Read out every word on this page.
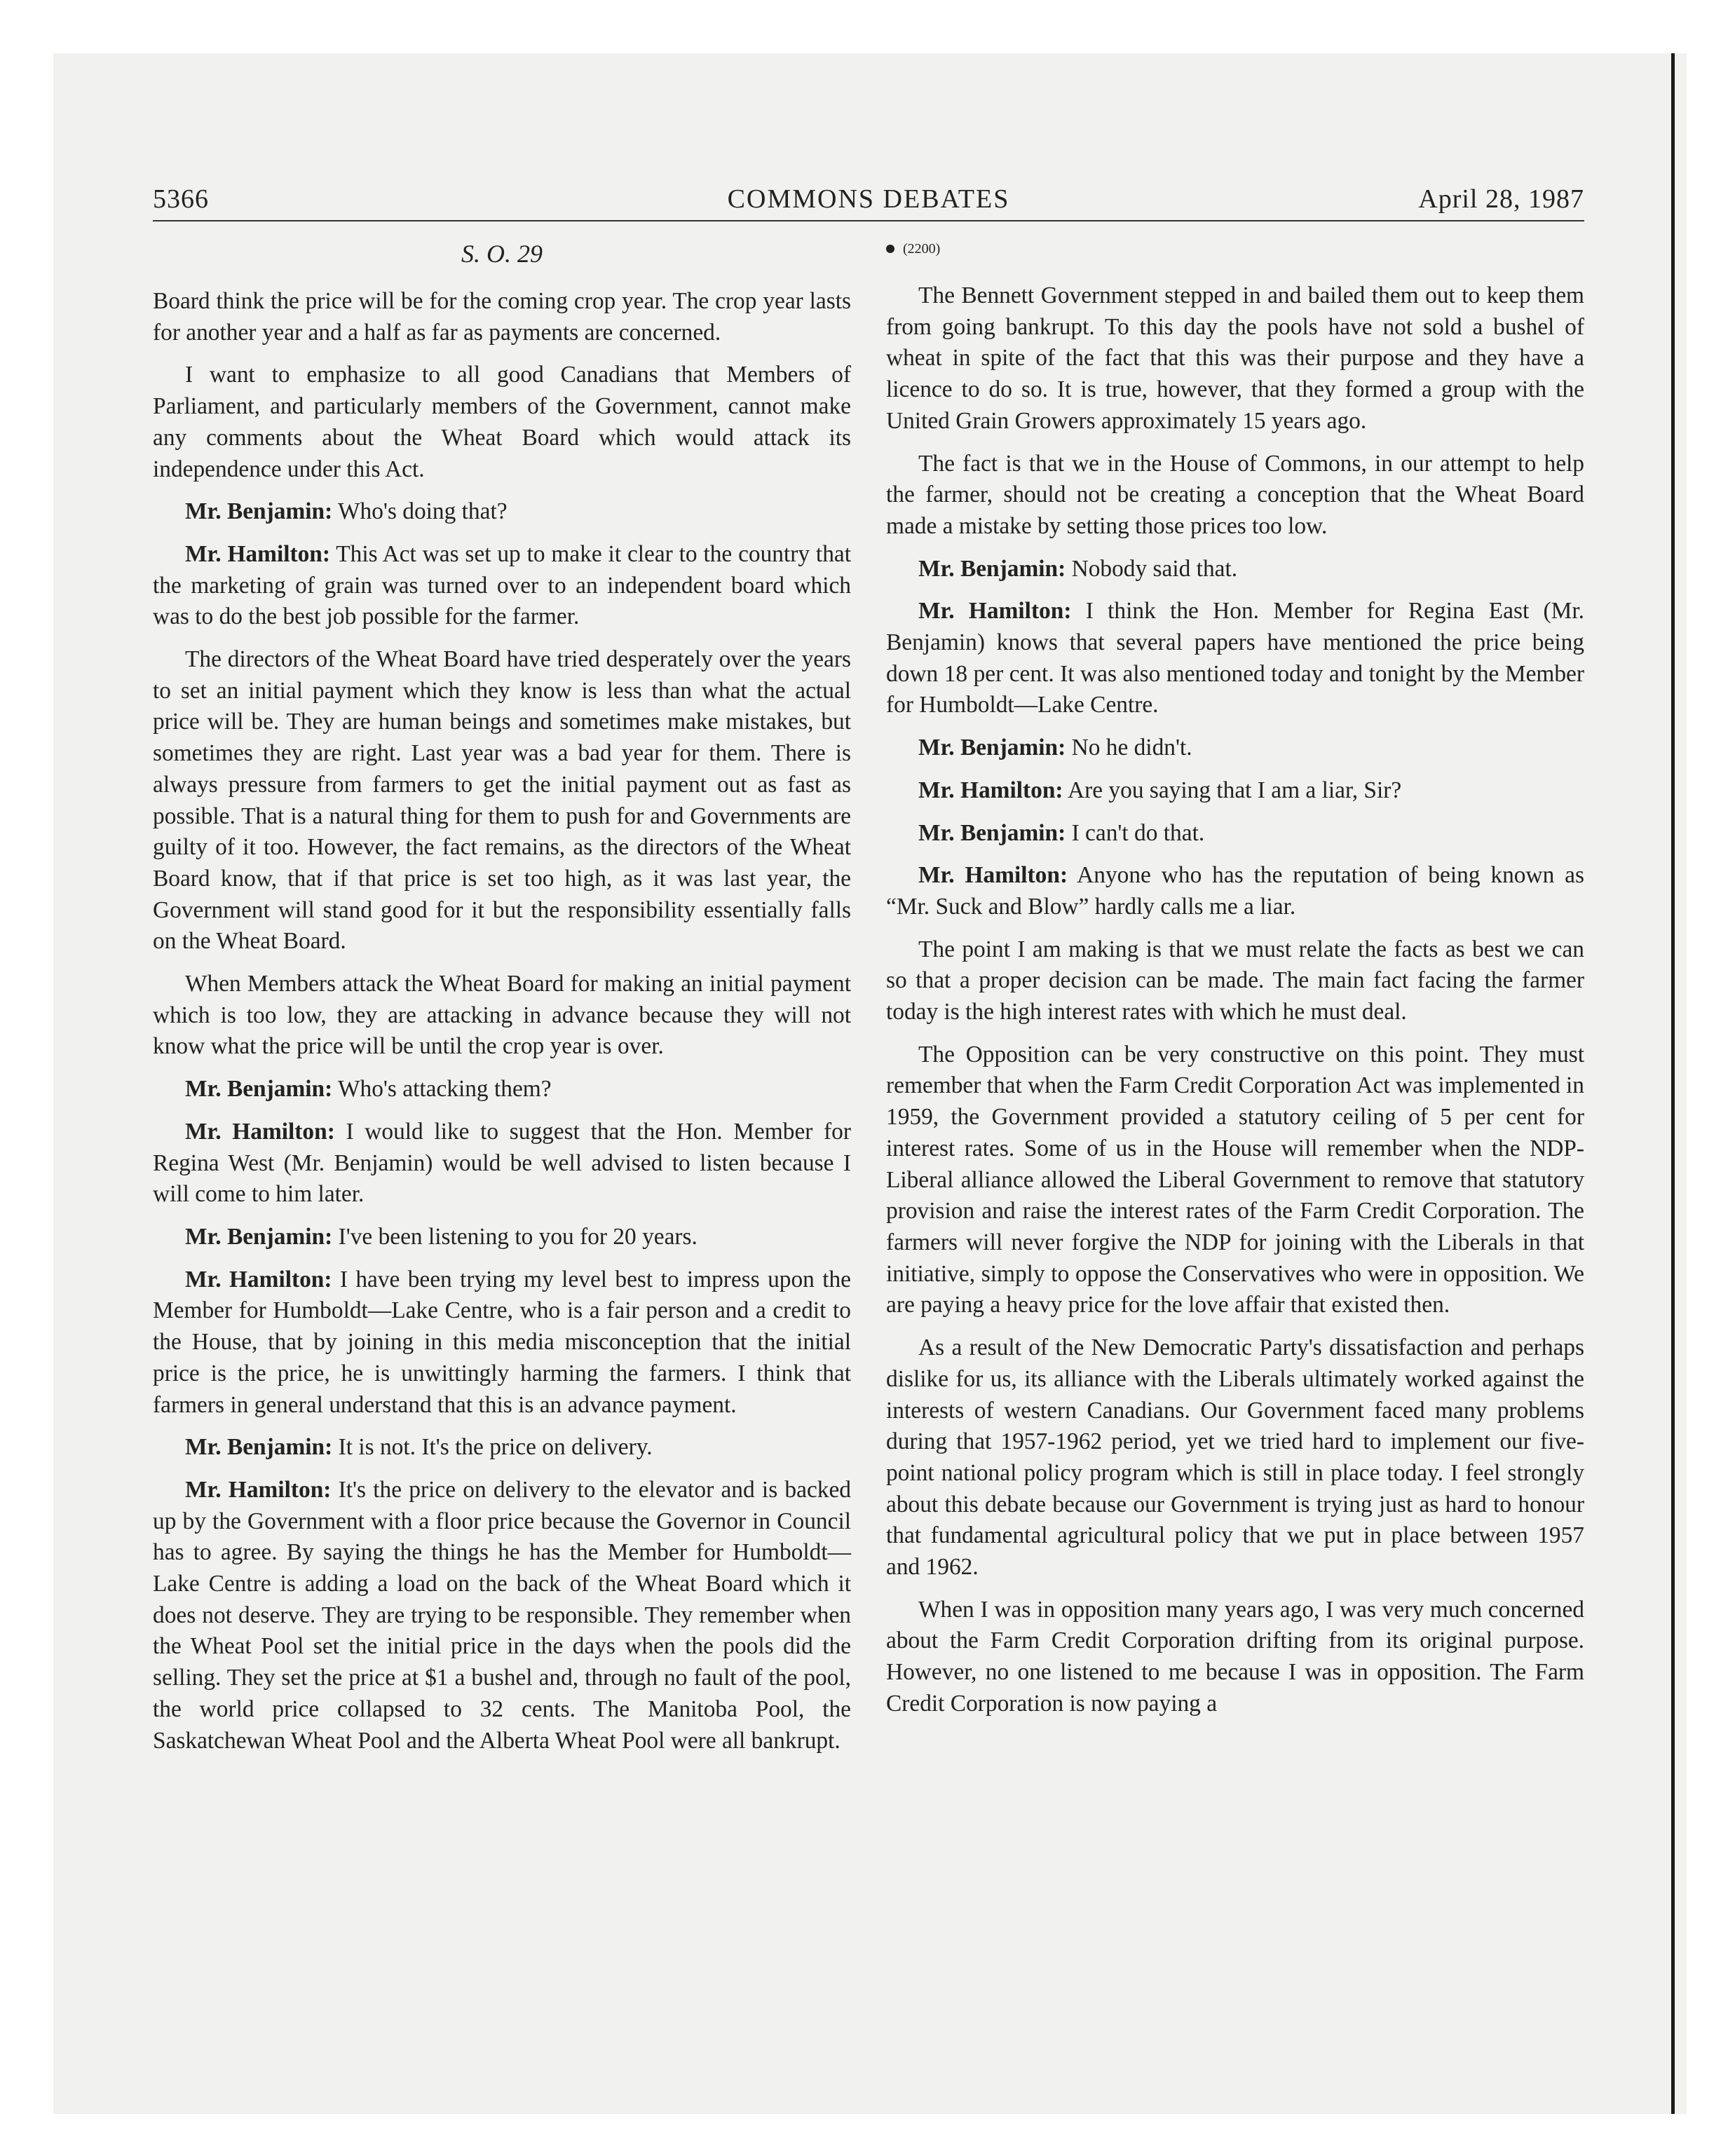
5366	COMMONS DEBATES	April 28, 1987
S. O. 29

Board think the price will be for the coming crop year. The crop year lasts for another year and a half as far as payments are concerned.

I want to emphasize to all good Canadians that Members of Parliament, and particularly members of the Government, cannot make any comments about the Wheat Board which would attack its independence under this Act.

Mr. Benjamin: Who's doing that?

Mr. Hamilton: This Act was set up to make it clear to the country that the marketing of grain was turned over to an independent board which was to do the best job possible for the farmer.

The directors of the Wheat Board have tried desperately over the years to set an initial payment which they know is less than what the actual price will be. They are human beings and sometimes make mistakes, but sometimes they are right. Last year was a bad year for them. There is always pressure from farmers to get the initial payment out as fast as possible. That is a natural thing for them to push for and Governments are guilty of it too. However, the fact remains, as the directors of the Wheat Board know, that if that price is set too high, as it was last year, the Government will stand good for it but the responsibility essentially falls on the Wheat Board.

When Members attack the Wheat Board for making an initial payment which is too low, they are attacking in advance because they will not know what the price will be until the crop year is over.

Mr. Benjamin: Who's attacking them?

Mr. Hamilton: I would like to suggest that the Hon. Member for Regina West (Mr. Benjamin) would be well advised to listen because I will come to him later.

Mr. Benjamin: I've been listening to you for 20 years.

Mr. Hamilton: I have been trying my level best to impress upon the Member for Humboldt—Lake Centre, who is a fair person and a credit to the House, that by joining in this media misconception that the initial price is the price, he is unwittingly harming the farmers. I think that farmers in general understand that this is an advance payment.

Mr. Benjamin: It is not. It's the price on delivery.

Mr. Hamilton: It's the price on delivery to the elevator and is backed up by the Government with a floor price because the Governor in Council has to agree. By saying the things he has the Member for Humboldt—Lake Centre is adding a load on the back of the Wheat Board which it does not deserve. They are trying to be responsible. They remember when the Wheat Pool set the initial price in the days when the pools did the selling. They set the price at $1 a bushel and, through no fault of the pool, the world price collapsed to 32 cents. The Manitoba Pool, the Saskatchewan Wheat Pool and the Alberta Wheat Pool were all bankrupt.

(2200)

The Bennett Government stepped in and bailed them out to keep them from going bankrupt. To this day the pools have not sold a bushel of wheat in spite of the fact that this was their purpose and they have a licence to do so. It is true, however, that they formed a group with the United Grain Growers approximately 15 years ago.

The fact is that we in the House of Commons, in our attempt to help the farmer, should not be creating a conception that the Wheat Board made a mistake by setting those prices too low.

Mr. Benjamin: Nobody said that.

Mr. Hamilton: I think the Hon. Member for Regina East (Mr. Benjamin) knows that several papers have mentioned the price being down 18 per cent. It was also mentioned today and tonight by the Member for Humboldt—Lake Centre.

Mr. Benjamin: No he didn't.

Mr. Hamilton: Are you saying that I am a liar, Sir?

Mr. Benjamin: I can't do that.

Mr. Hamilton: Anyone who has the reputation of being known as “Mr. Suck and Blow” hardly calls me a liar.

The point I am making is that we must relate the facts as best we can so that a proper decision can be made. The main fact facing the farmer today is the high interest rates with which he must deal.

The Opposition can be very constructive on this point. They must remember that when the Farm Credit Corporation Act was implemented in 1959, the Government provided a statutory ceiling of 5 per cent for interest rates. Some of us in the House will remember when the NDP-Liberal alliance allowed the Liberal Government to remove that statutory provision and raise the interest rates of the Farm Credit Corporation. The farmers will never forgive the NDP for joining with the Liberals in that initiative, simply to oppose the Conservatives who were in opposition. We are paying a heavy price for the love affair that existed then.

As a result of the New Democratic Party's dissatisfaction and perhaps dislike for us, its alliance with the Liberals ultimately worked against the interests of western Canadians. Our Government faced many problems during that 1957-1962 period, yet we tried hard to implement our five-point national policy program which is still in place today. I feel strongly about this debate because our Government is trying just as hard to honour that fundamental agricultural policy that we put in place between 1957 and 1962.

When I was in opposition many years ago, I was very much concerned about the Farm Credit Corporation drifting from its original purpose. However, no one listened to me because I was in opposition. The Farm Credit Corporation is now paying a
